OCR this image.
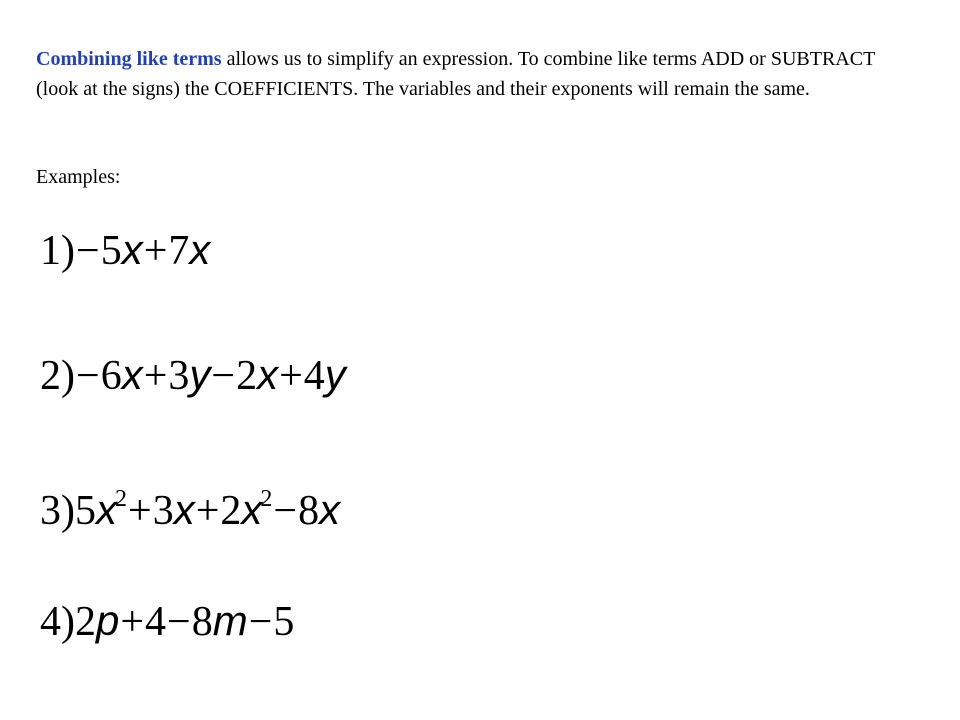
Combining like terms allows us to simplify an expression. To combine like terms ADD or SUBTRACT (look at the signs) the COEFFICIENTS. The variables and their exponents will remain the same.
Examples:
1)−5x+7x
2)−6x+3y−2x+4y
$3)5x^2+3x+2x^2-8x$
4)2p+4−8m−5
